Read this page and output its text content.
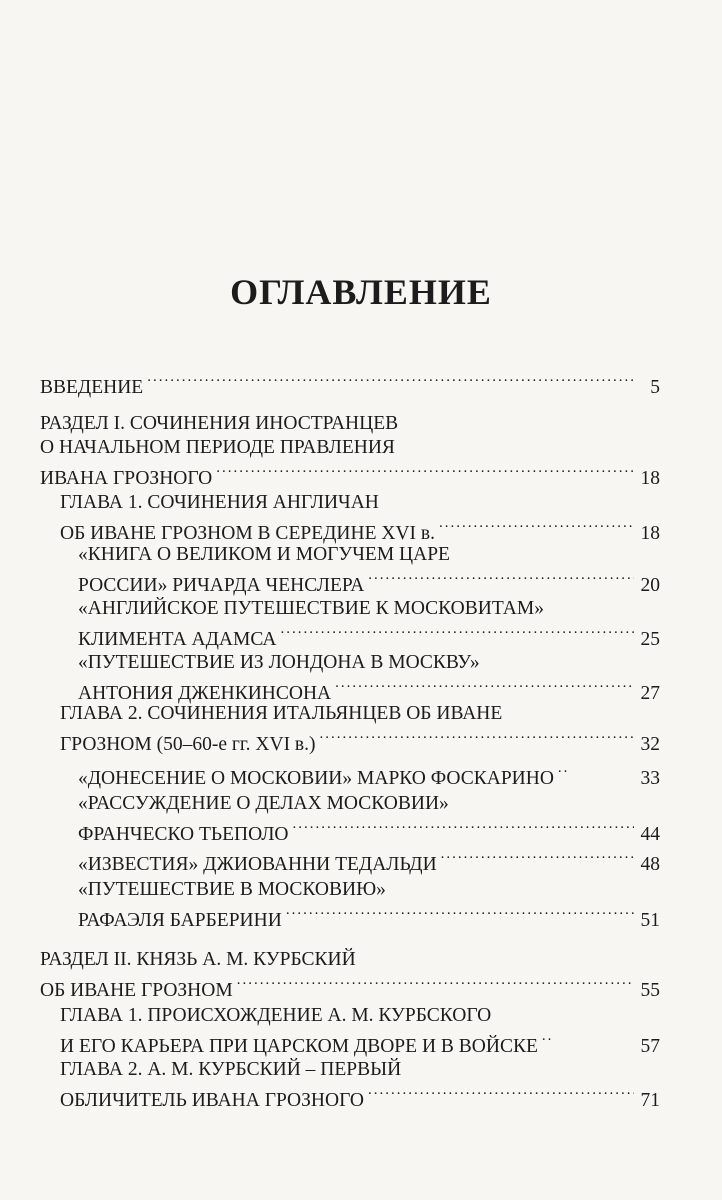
ОГЛАВЛЕНИЕ
ВВЕДЕНИЕ .....	5
РАЗДЕЛ I. СОЧИНЕНИЯ ИНОСТРАНЦЕВ
О НАЧАЛЬНОМ ПЕРИОДЕ ПРАВЛЕНИЯ
ИВАНА ГРОЗНОГО .....	18
ГЛАВА 1. СОЧИНЕНИЯ АНГЛИЧАН
ОБ ИВАНЕ ГРОЗНОМ В СЕРЕДИНЕ XVI в. .....	18
«КНИГА О ВЕЛИКОМ И МОГУЧЕМ ЦАРЕ
РОССИИ» РИЧАРДА ЧЕНСЛЕРА .....	20
«АНГЛИЙСКОЕ ПУТЕШЕСТВИЕ К МОСКОВИТАМ»
КЛИМЕНТА АДАМСА .....	25
«ПУТЕШЕСТВИЕ ИЗ ЛОНДОНА В МОСКВУ»
АНТОНИЯ ДЖЕНКИНСОНА .....	27
ГЛАВА 2. СОЧИНЕНИЯ ИТАЛЬЯНЦЕВ ОБ ИВАНЕ
ГРОЗНОМ (50–60-е гг. XVI в.) .....	32
«ДОНЕСЕНИЕ О МОСКОВИИ» МАРКО ФОСКАРИНО ..	33
«РАССУЖДЕНИЕ О ДЕЛАХ МОСКОВИИ»
ФРАНЧЕСКО ТЬЕПОЛО .....	44
«ИЗВЕСТИЯ» ДЖИОВАННИ ТЕДАЛЬДИ .....	48
«ПУТЕШЕСТВИЕ В МОСКОВИЮ»
РАФАЭЛЯ БАРБЕРИНИ .....	51
РАЗДЕЛ II. КНЯЗЬ А. М. КУРБСКИЙ
ОБ ИВАНЕ ГРОЗНОМ .....	55
ГЛАВА 1. ПРОИСХОЖДЕНИЕ А. М. КУРБСКОГО
И ЕГО КАРЬЕРА ПРИ ЦАРСКОМ ДВОРЕ И В ВОЙСКЕ ..	57
ГЛАВА 2. А. М. КУРБСКИЙ – ПЕРВЫЙ
ОБЛИЧИТЕЛЬ ИВАНА ГРОЗНОГО .....	71
